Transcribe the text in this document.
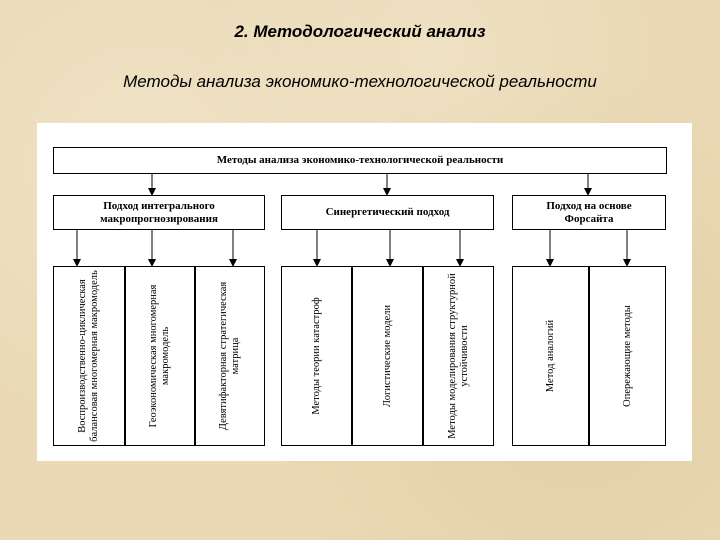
2. Методологический анализ
Методы анализа экономико-технологической реальности
Методы анализа экономико-технологической реальности
Подход интегрального макропрогнозирования
Синергетический подход
Подход на основе Форсайта
Воспроизводственно-циклическая балансовая многомерная макромодель	Геоэкономическая многомерная макромодель	Девятифакторная стратегическая матрица	Методы теории катастроф	Логистические модели	Методы моделирования структурной устойчивости	Метод аналогий	Опережающие методы
